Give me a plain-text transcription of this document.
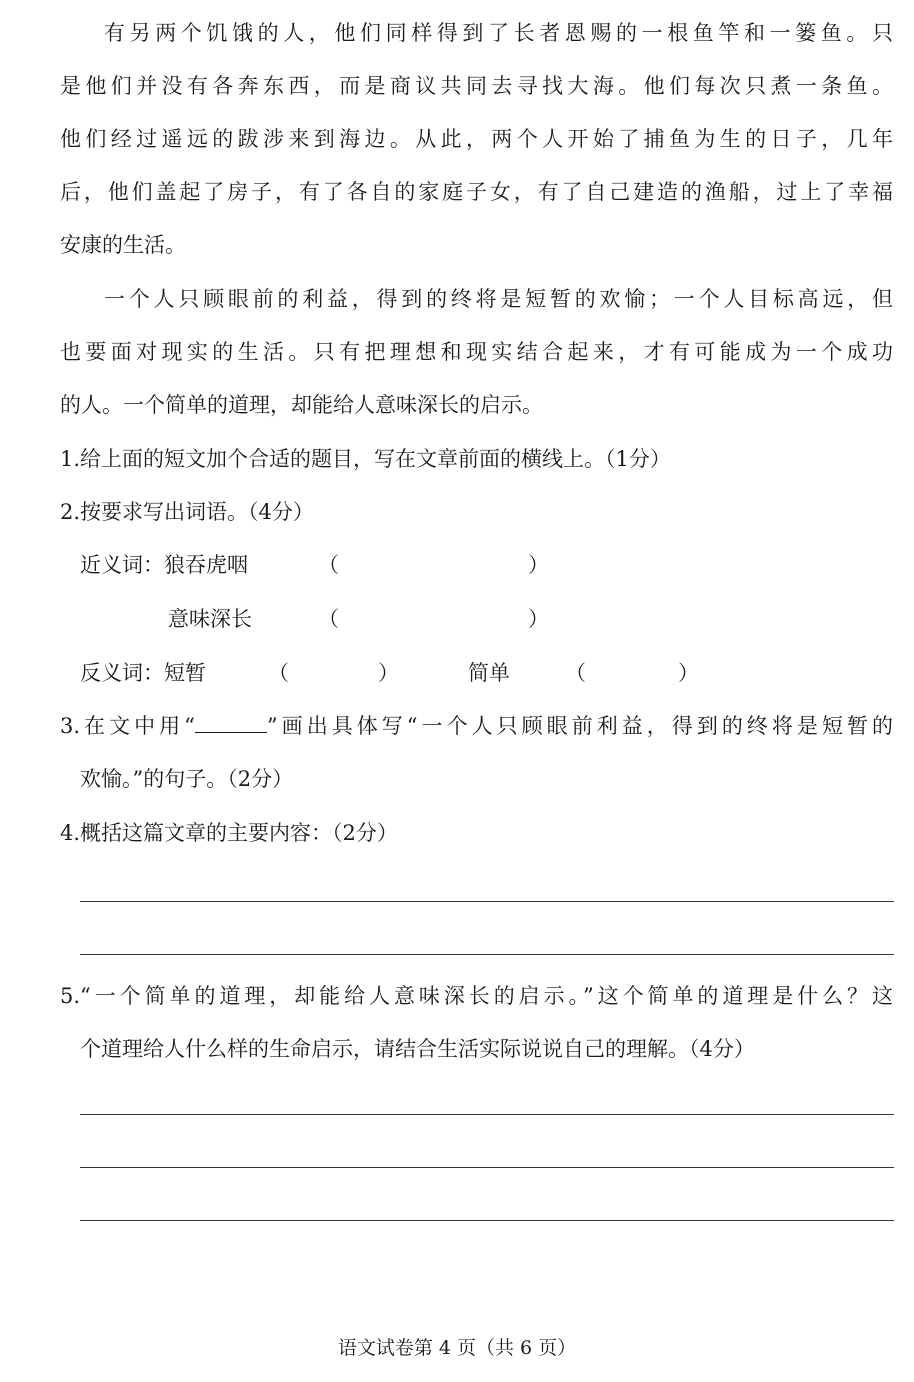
有另两个饥饿的人，他们同样得到了长者恩赐的一根鱼竿和一篓鱼。只
是他们并没有各奔东西，而是商议共同去寻找大海。他们每次只煮一条鱼。
他们经过遥远的跋涉来到海边。从此，两个人开始了捕鱼为生的日子，几年
后，他们盖起了房子，有了各自的家庭子女，有了自己建造的渔船，过上了幸福
安康的生活。
一个人只顾眼前的利益，得到的终将是短暂的欢愉；一个人目标高远，但
也要面对现实的生活。只有把理想和现实结合起来，才有可能成为一个成功
的人。一个简单的道理，却能给人意味深长的启示。
1.给上面的短文加个合适的题目，写在文章前面的横线上。（1分）
2.按要求写出词语。（4分）
近义词：狼吞虎咽	（	）
意味深长	（	）
反义词：短暂	（	）	简单	（	）
3.在文中用“	”画出具体写“一个人只顾眼前利益，得到的终将是短暂的
欢愉。”的句子。（2分）
4.概括这篇文章的主要内容：（2分）
5.“一个简单的道理，却能给人意味深长的启示。”这个简单的道理是什么？这
个道理给人什么样的生命启示，请结合生活实际说说自己的理解。（4分）
语文试卷第 4 页（共 6 页）
